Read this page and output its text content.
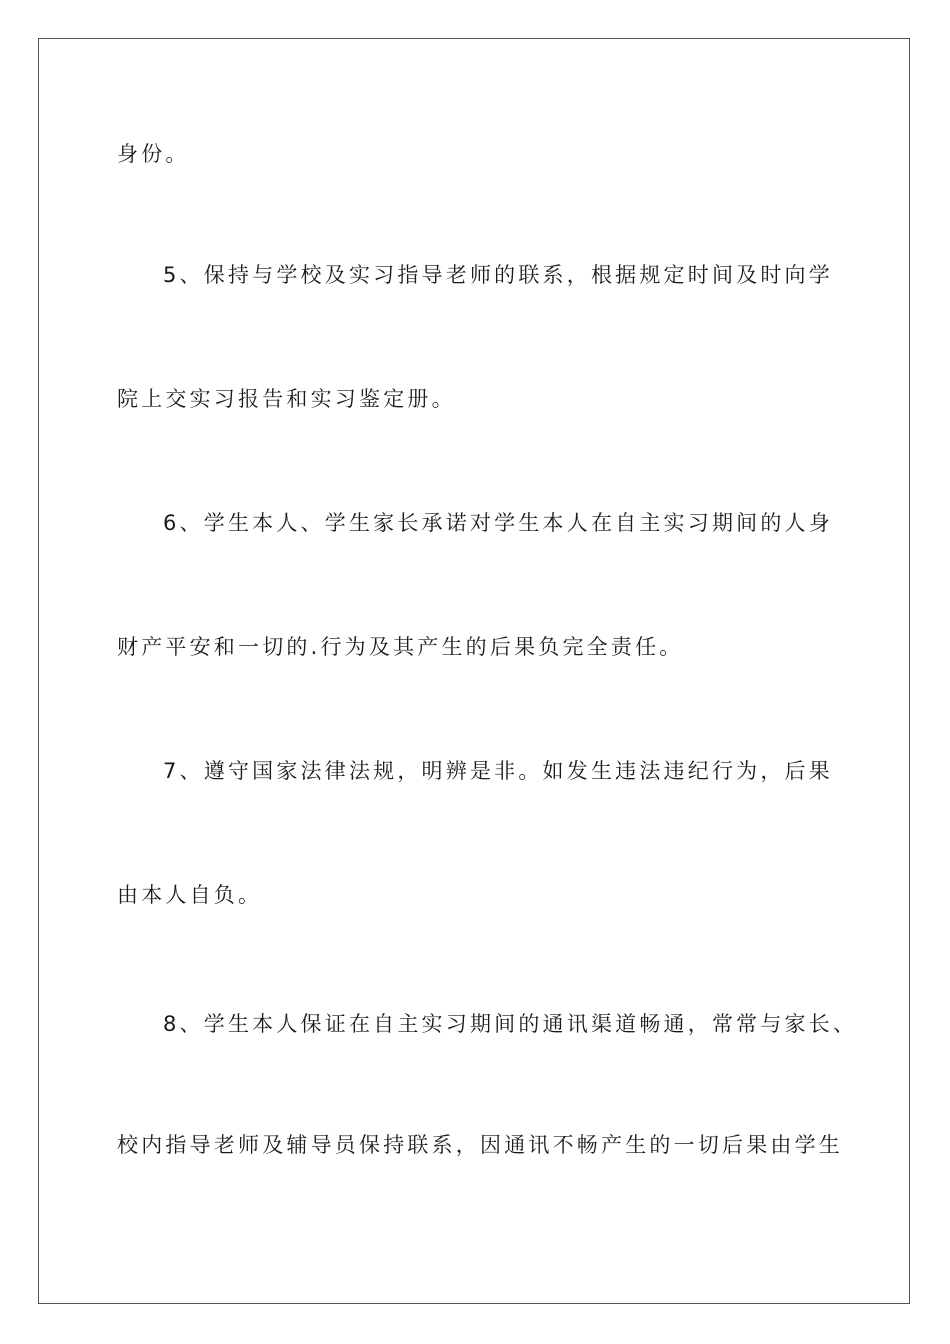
身份。
5、保持与学校及实习指导老师的联系，根据规定时间及时向学
院上交实习报告和实习鉴定册。
6、学生本人、学生家长承诺对学生本人在自主实习期间的人身
财产平安和一切的.行为及其产生的后果负完全责任。
7、遵守国家法律法规，明辨是非。如发生违法违纪行为，后果
由本人自负。
8、学生本人保证在自主实习期间的通讯渠道畅通，常常与家长、
校内指导老师及辅导员保持联系，因通讯不畅产生的一切后果由学生
